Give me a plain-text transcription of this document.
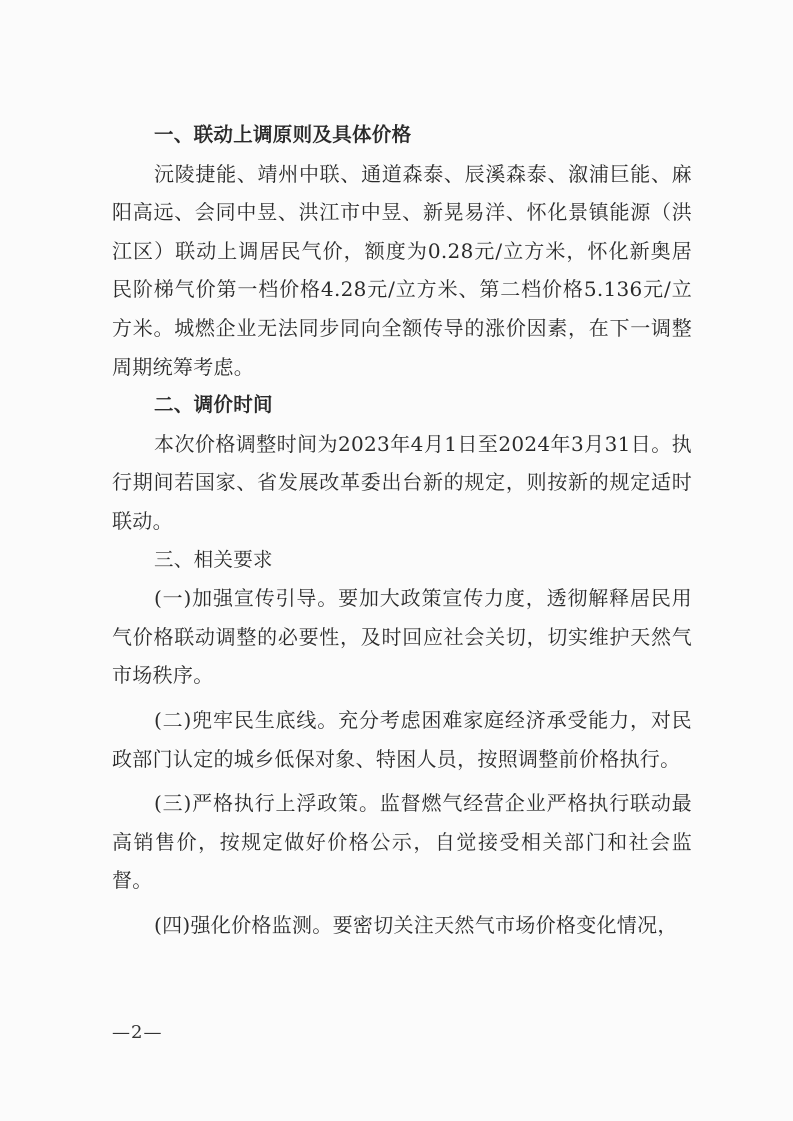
一、联动上调原则及具体价格

沅陵捷能、靖州中联、通道森泰、辰溪森泰、溆浦巨能、麻阳高远、会同中昱、洪江市中昱、新晃易洋、怀化景镇能源（洪江区）联动上调居民气价，额度为0.28元/立方米，怀化新奥居民阶梯气价第一档价格4.28元/立方米、第二档价格5.136元/立方米。城燃企业无法同步同向全额传导的涨价因素，在下一调整周期统筹考虑。

二、调价时间

本次价格调整时间为2023年4月1日至2024年3月31日。执行期间若国家、省发展改革委出台新的规定，则按新的规定适时联动。

三、相关要求

(一)加强宣传引导。要加大政策宣传力度，透彻解释居民用气价格联动调整的必要性，及时回应社会关切，切实维护天然气市场秩序。

(二)兜牢民生底线。充分考虑困难家庭经济承受能力，对民政部门认定的城乡低保对象、特困人员，按照调整前价格执行。

(三)严格执行上浮政策。监督燃气经营企业严格执行联动最高销售价，按规定做好价格公示，自觉接受相关部门和社会监督。

(四)强化价格监测。要密切关注天然气市场价格变化情况，

—2—
